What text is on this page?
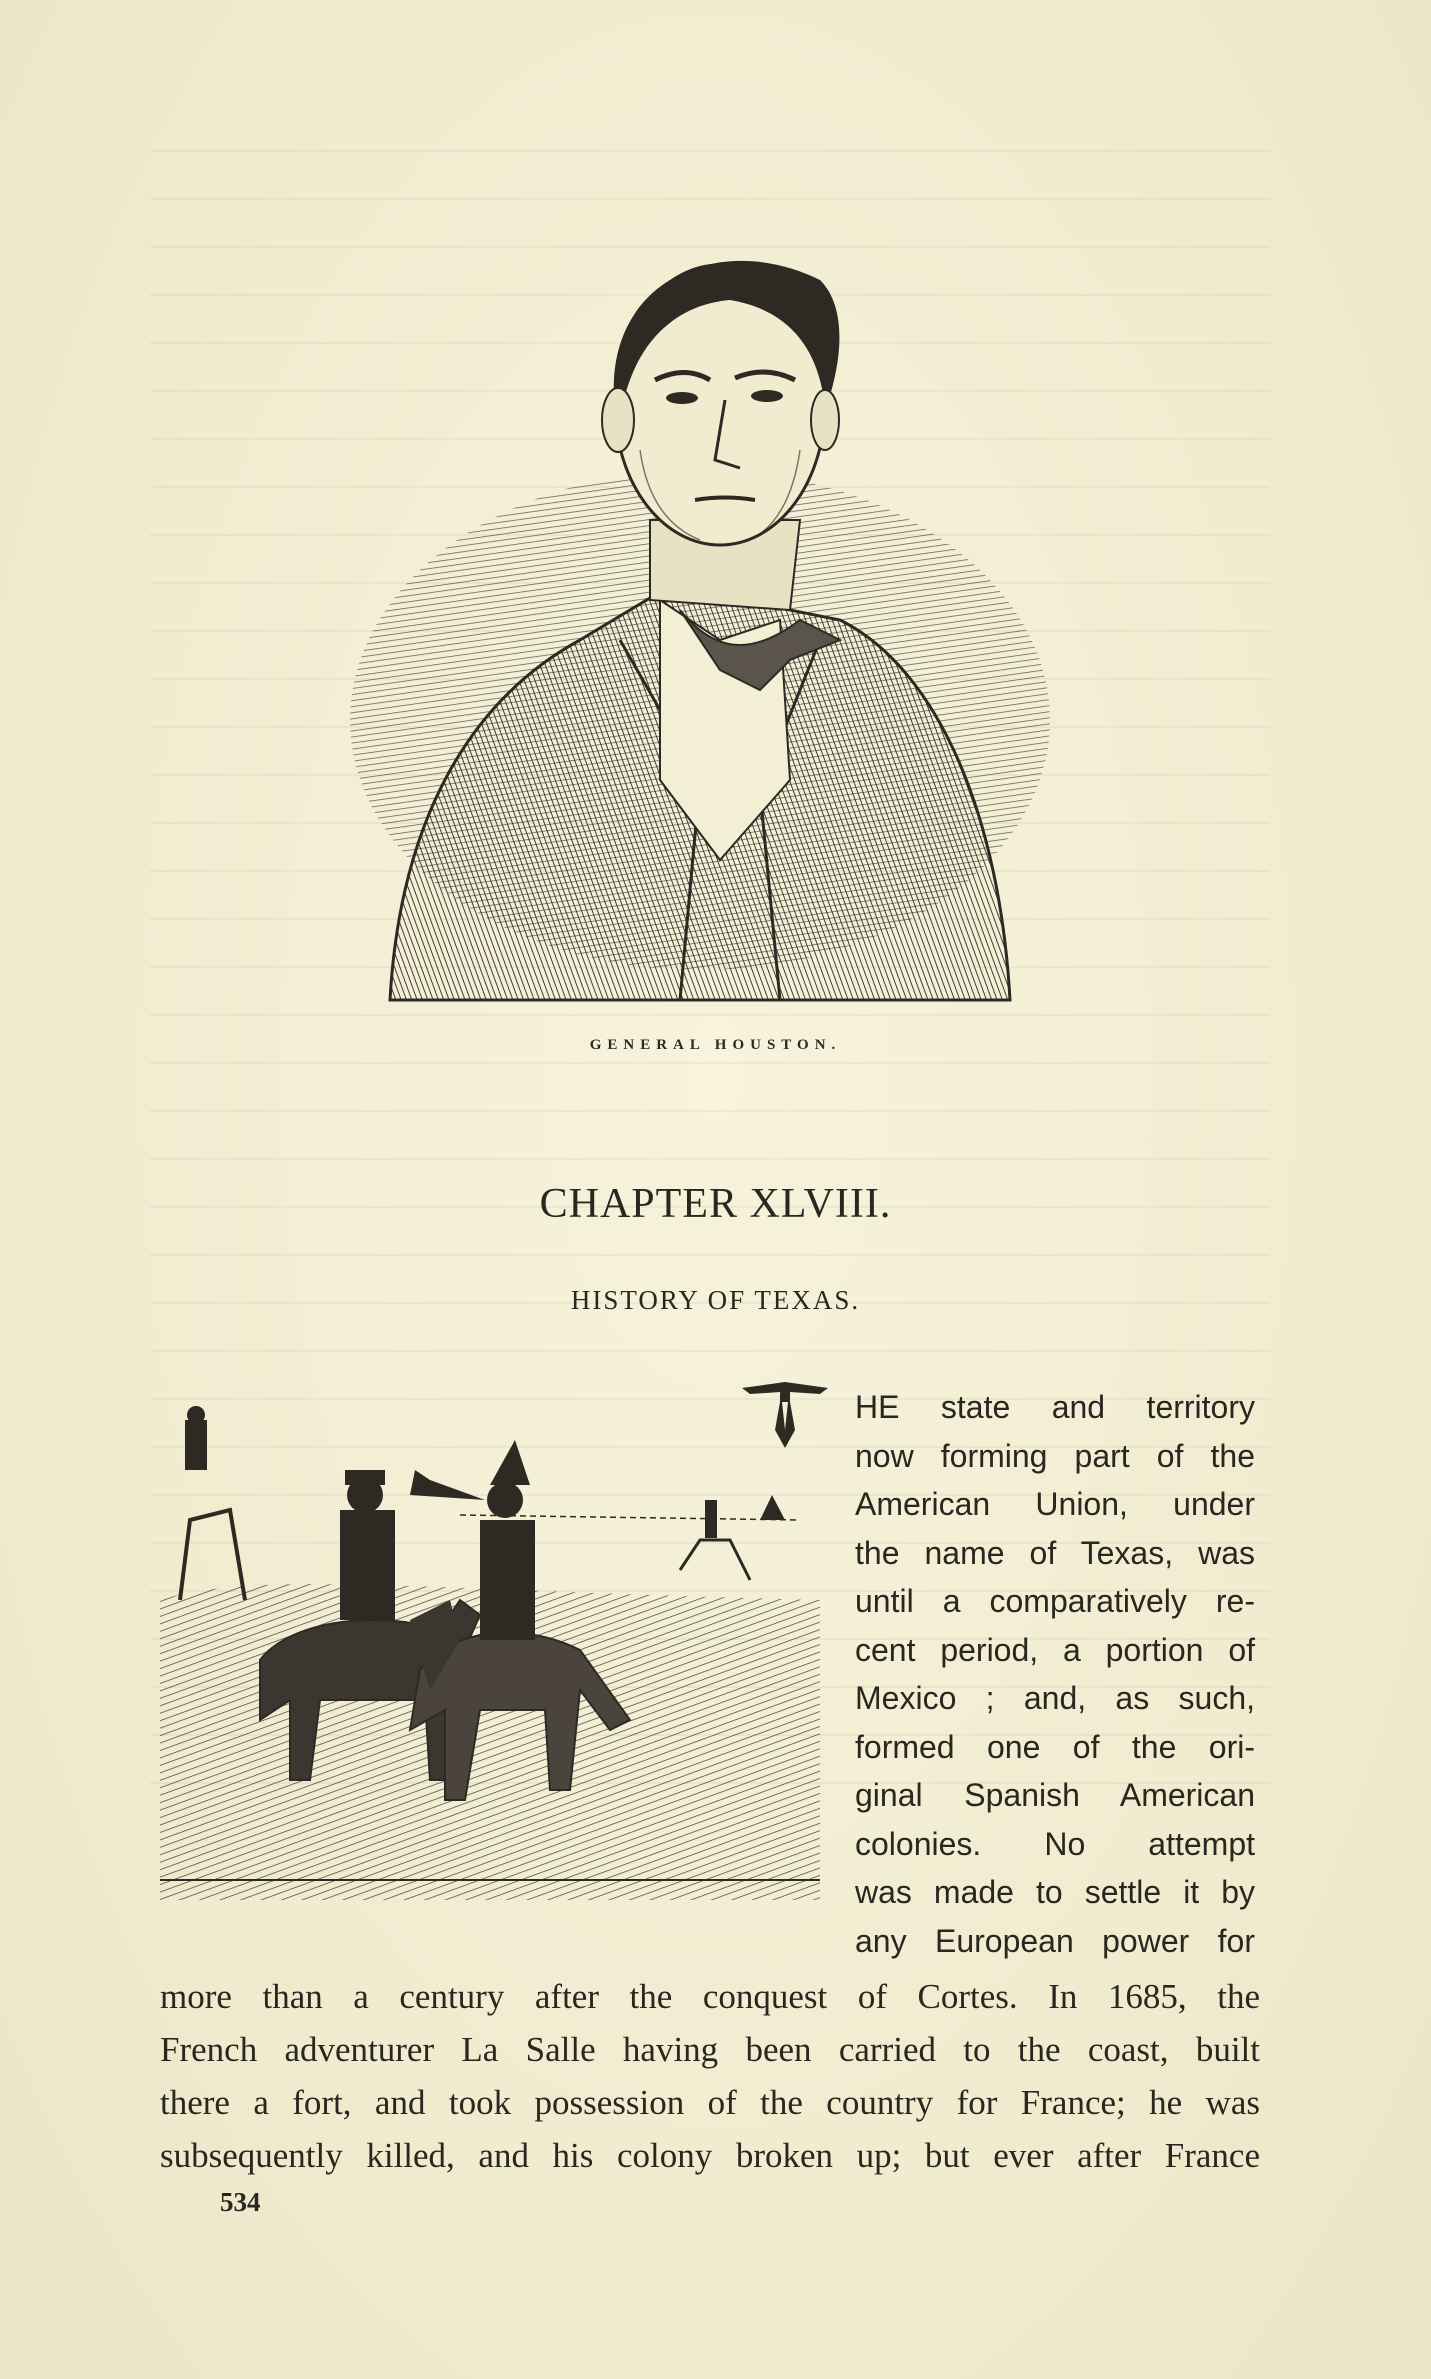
GENERAL HOUSTON.
CHAPTER XLVIII.
HISTORY OF TEXAS.
HE state and territory
now forming part of the
American Union, under
the name of Texas, was
until a comparatively re-
cent period, a portion of
Mexico ; and, as such,
formed one of the ori-
ginal Spanish American
colonies. No attempt
was made to settle it by
any European power for
more than a century after the conquest of Cortes. In 1685, the
French adventurer La Salle having been carried to the coast, built
there a fort, and took possession of the country for France; he was
subsequently killed, and his colony broken up; but ever after France
534
